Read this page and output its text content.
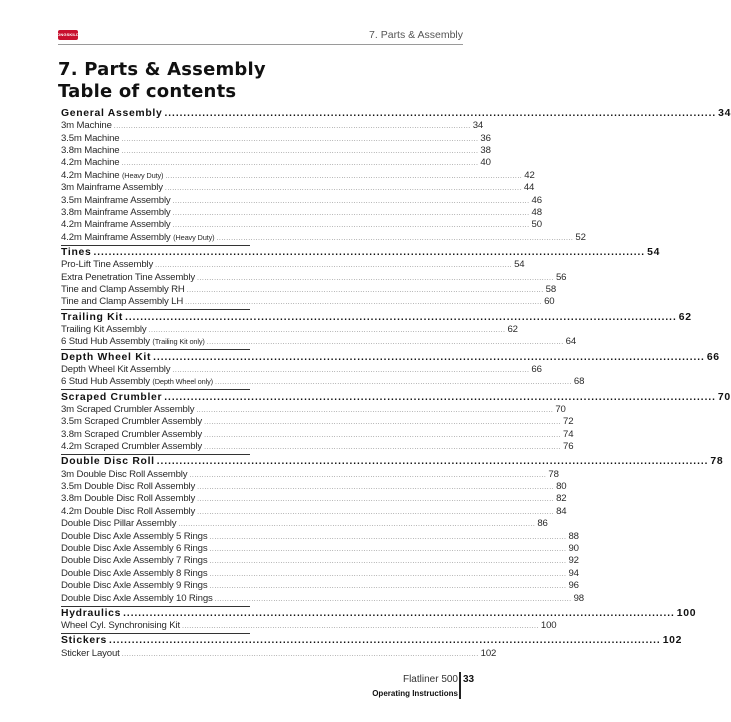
KONGSKILDE	7. Parts & Assembly
7. Parts & Assembly
Table of contents
General Assembly .....	34
3m Machine .....	34
3.5m Machine .....	36
3.8m Machine .....	38
4.2m Machine .....	40
4.2m Machine (Heavy Duty) .....	42
3m Mainframe Assembly .....	44
3.5m Mainframe Assembly .....	46
3.8m Mainframe Assembly .....	48
4.2m Mainframe Assembly .....	50
4.2m Mainframe Assembly (Heavy Duty) .....	52
Tines .....	54
Pro-Lift Tine Assembly .....	54
Extra Penetration Tine Assembly .....	56
Tine and Clamp Assembly RH .....	58
Tine and Clamp Assembly LH .....	60
Trailing Kit .....	62
Trailing Kit Assembly .....	62
6 Stud Hub Assembly (Trailing Kit only) .....	64
Depth Wheel Kit .....	66
Depth Wheel Kit Assembly .....	66
6 Stud Hub Assembly (Depth Wheel only) .....	68
Scraped Crumbler .....	70
3m Scraped Crumbler Assembly .....	70
3.5m Scraped Crumbler Assembly .....	72
3.8m Scraped Crumbler Assembly .....	74
4.2m Scraped Crumbler Assembly .....	76
Double Disc Roll .....	78
3m Double Disc Roll Assembly .....	78
3.5m Double Disc Roll Assembly .....	80
3.8m Double Disc Roll Assembly .....	82
4.2m Double Disc Roll Assembly .....	84
Double Disc Pillar Assembly .....	86
Double Disc Axle Assembly 5 Rings .....	88
Double Disc Axle Assembly 6 Rings .....	90
Double Disc Axle Assembly 7 Rings .....	92
Double Disc Axle Assembly 8 Rings .....	94
Double Disc Axle Assembly 9 Rings .....	96
Double Disc Axle Assembly 10 Rings .....	98
Hydraulics .....	100
Wheel Cyl. Synchronising Kit .....	100
Stickers .....	102
Sticker Layout .....	102
Flatliner 500 33
Operating Instructions
